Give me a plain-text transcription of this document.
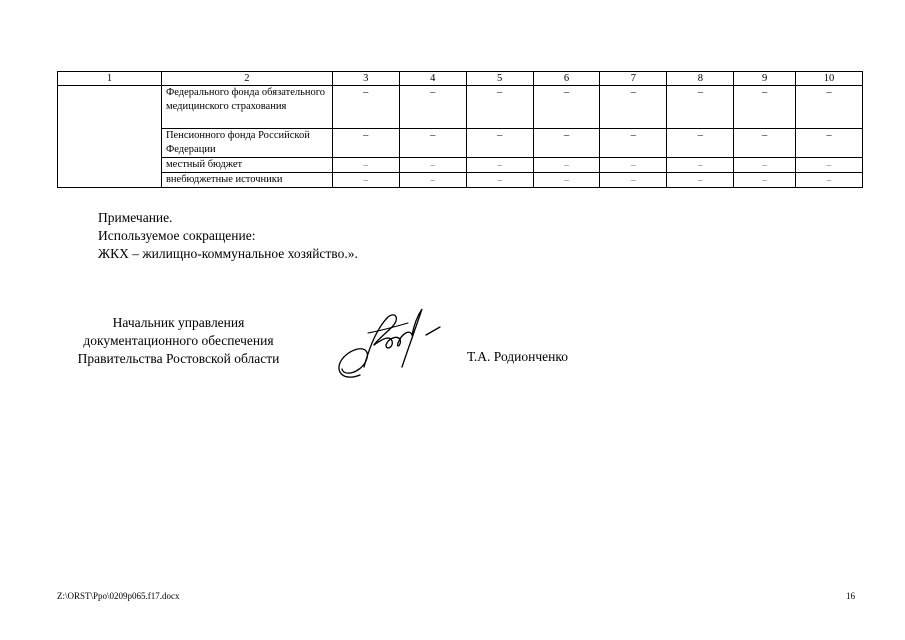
1	2	3	4	5	6	7	8	9	10
	Федерального фонда обязательного медицинского страхования	–	–	–	–	–	–	–	–
	Пенсионного фонда Российской Федерации	–	–	–	–	–	–	–	–
	местный бюджет	–	–	–	–	–	–	–	–
	внебюджетные источники	–	–	–	–	–	–	–	–
Примечание.
Используемое сокращение:
ЖКХ – жилищно-коммунальное хозяйство.».
Начальник управления
документационного обеспечения
Правительства Ростовской области	Т.А. Родионченко
Z:\ORST\Ppo\0209p065.f17.docx	16
